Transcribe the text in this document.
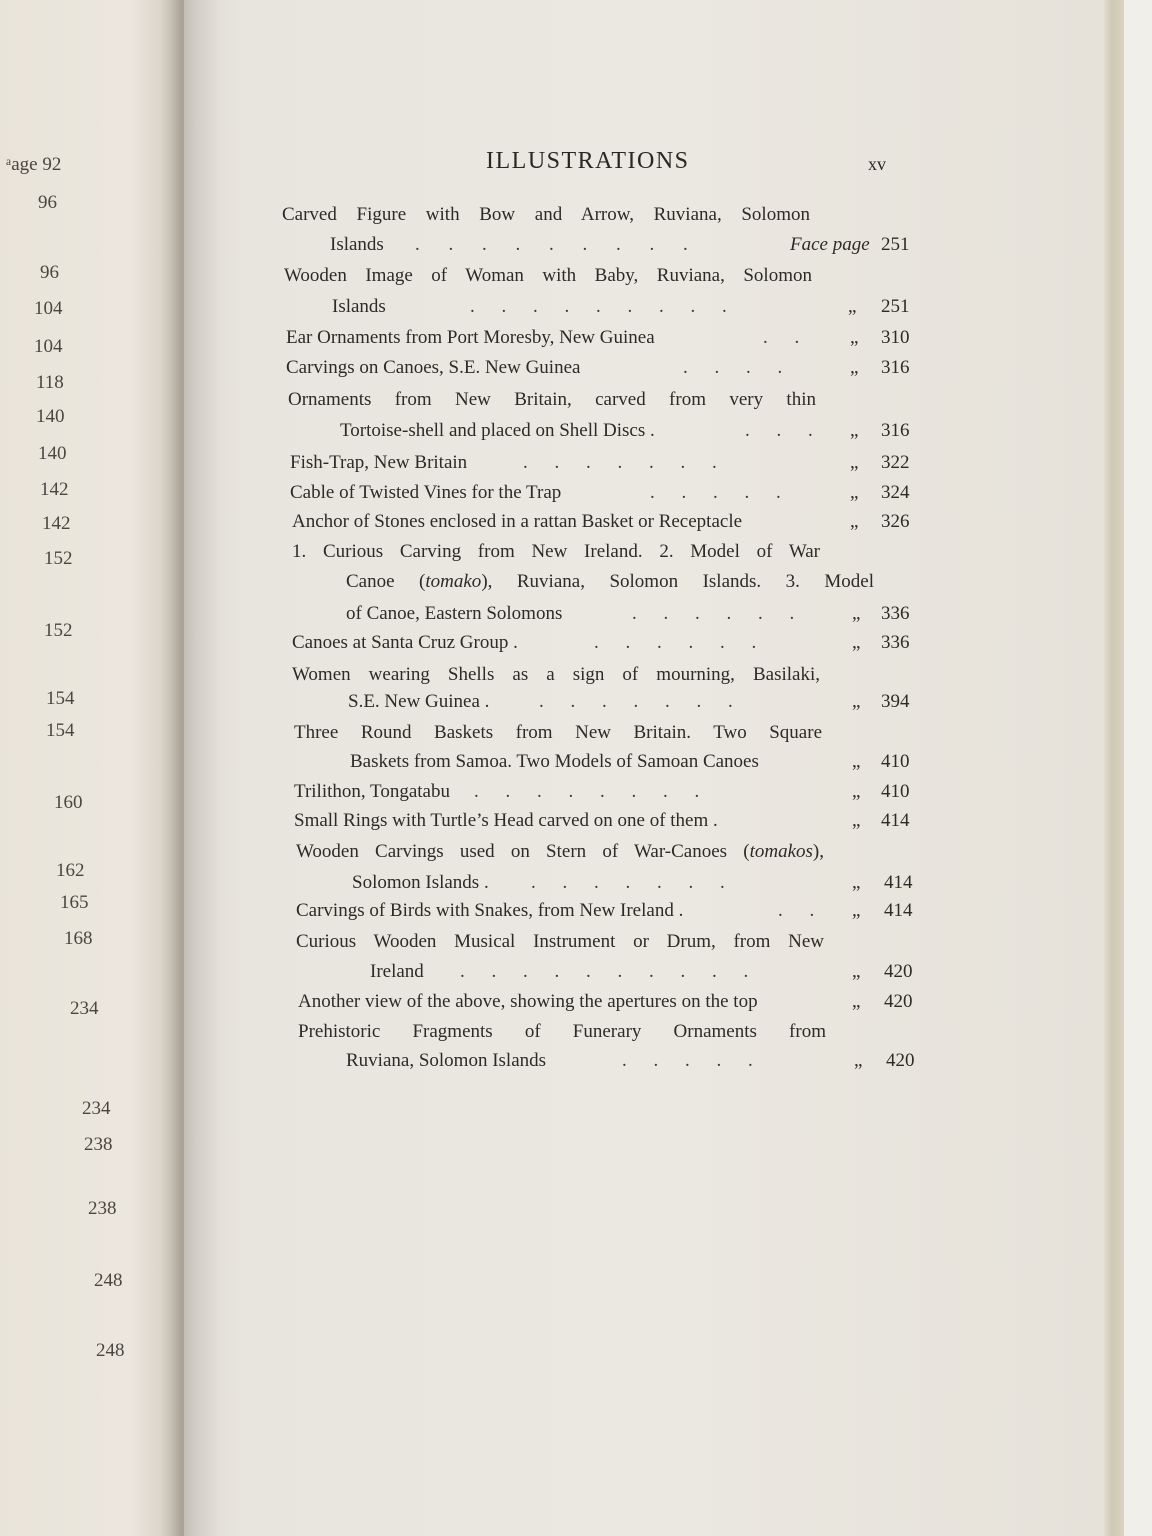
ᵃage 92
96
96
104
104
118
140
140
142
142
152
152
154
154
160
162
165
168
234
234
238
238
248
248
ILLUSTRATIONS	xv
Carved Figure with Bow and Arrow, Ruviana, Solomon
Islands . . . . . . . . .	Face page 251
Wooden Image of Woman with Baby, Ruviana, Solomon
Islands	. . . . . . . . .	„ 251
Ear Ornaments from Port Moresby, New Guinea	. .	„ 310
Carvings on Canoes, S.E. New Guinea	. . . .	„ 316
Ornaments from New Britain, carved from very thin
Tortoise-shell and placed on Shell Discs .	. . . „ 316
Fish-Trap, New Britain	. . . . . . .	„ 322
Cable of Twisted Vines for the Trap	. . . . .	„ 324
Anchor of Stones enclosed in a rattan Basket or Receptacle	„ 326
1. Curious Carving from New Ireland. 2. Model of War
Canoe (tomako), Ruviana, Solomon Islands. 3. Model
of Canoe, Eastern Solomons	. . . . . .	„ 336
Canoes at Santa Cruz Group .	. . . . . .	„ 336
Women wearing Shells as a sign of mourning, Basilaki,
S.E. New Guinea .	. . . . . . .	„ 394
Three Round Baskets from New Britain. Two Square
Baskets from Samoa. Two Models of Samoan Canoes	„ 410
Trilithon, Tongatabu . . . . . . . .	„ 410
Small Rings with Turtle’s Head carved on one of them .	„ 414
Wooden Carvings used on Stern of War-Canoes (tomakos),
Solomon Islands . . . . . . . .	„ 414
Carvings of Birds with Snakes, from New Ireland .	. . „ 414
Curious Wooden Musical Instrument or Drum, from New
Ireland . . . . . . . . . .	„ 420
Another view of the above, showing the apertures on the top	„ 420
Prehistoric Fragments of Funerary Ornaments from
Ruviana, Solomon Islands	. . . . .	„ 420
